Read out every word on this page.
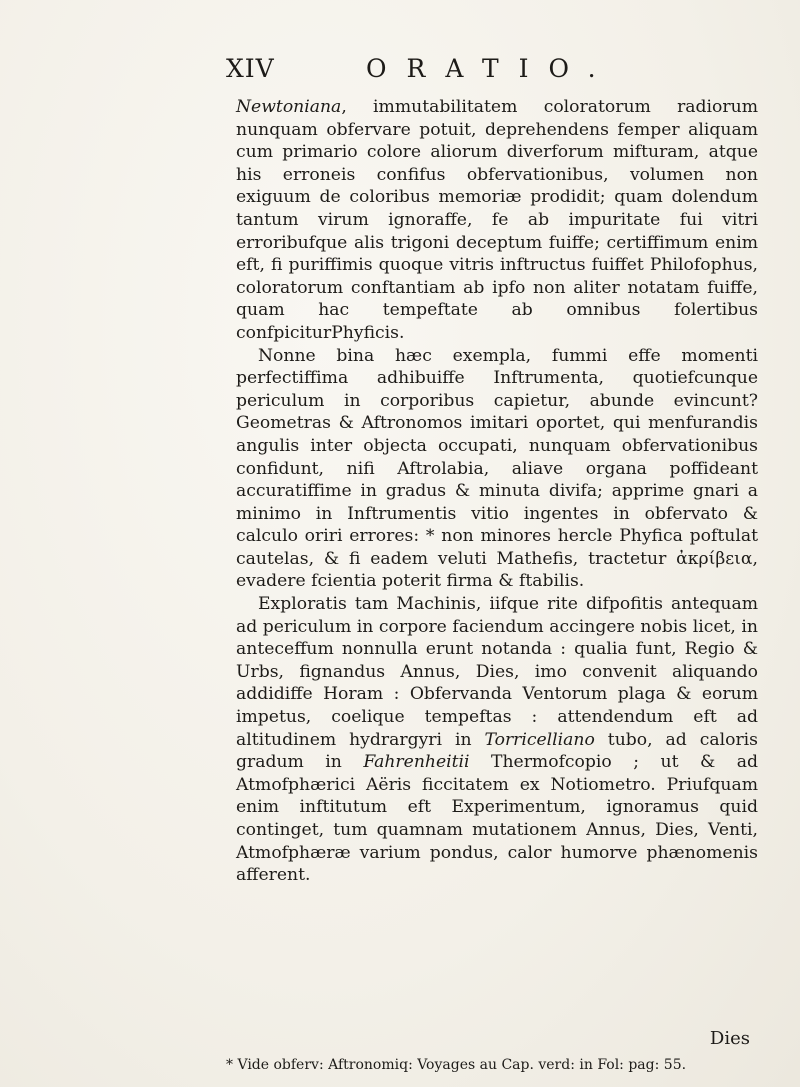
XIV	ORATIO.

Newtoniana, immutabilitatem coloratorum radiorum nunquam obfervare potuit, deprehendens femper aliquam cum primario colore aliorum diverforum mifturam, atque his erroneis confifus obfervationibus, volumen non exiguum de coloribus memoriæ prodidit; quam dolendum tantum virum ignoraffe, fe ab impuritate fui vitri erroribufque alis trigoni deceptum fuiffe; certiffimum enim eft, fi puriffimis quoque vitris inftructus fuiffet Philofophus, coloratorum conftantiam ab ipfo non aliter notatam fuiffe, quam hac tempeftate ab omnibus folertibus confpiciturPhyficis.

Nonne bina hæc exempla, fummi effe momenti perfectiffima adhibuiffe Inftrumenta, quotiefcunque periculum in corporibus capietur, abunde evincunt? Geometras & Aftronomos imitari oportet, qui menfurandis angulis inter objecta occupati, nunquam obfervationibus confidunt, nifi Aftrolabia, aliave organa poffideant accuratiffime in gradus & minuta divifa; apprime gnari a minimo in Inftrumentis vitio ingentes in obfervato & calculo oriri errores: * non minores hercle Phyfica poftulat cautelas, & fi eadem veluti Mathefis, tractetur ἀκρίβεια, evadere fcientia poterit firma & ftabilis.

Exploratis tam Machinis, iifque rite difpofitis antequam ad periculum in corpore faciendum accingere nobis licet, in anteceffum nonnulla erunt notanda : qualia funt, Regio & Urbs, fignandus Annus, Dies, imo convenit aliquando addidiffe Horam : Obfervanda Ventorum plaga & eorum impetus, coelique tempeftas : attendendum eft ad altitudinem hydrargyri in Torricelliano tubo, ad caloris gradum in Fahrenheitii Thermofcopio ; ut & ad Atmofphærici Aëris ficcitatem ex Notiometro. Priufquam enim inftitutum eft Experimentum, ignoramus quid continget, tum quamnam mutationem Annus, Dies, Venti, Atmofphæræ varium pondus, calor humorve phænomenis afferent.

Dies
* Vide obferv: Aftronomiq: Voyages au Cap. verd: in Fol: pag: 55.
